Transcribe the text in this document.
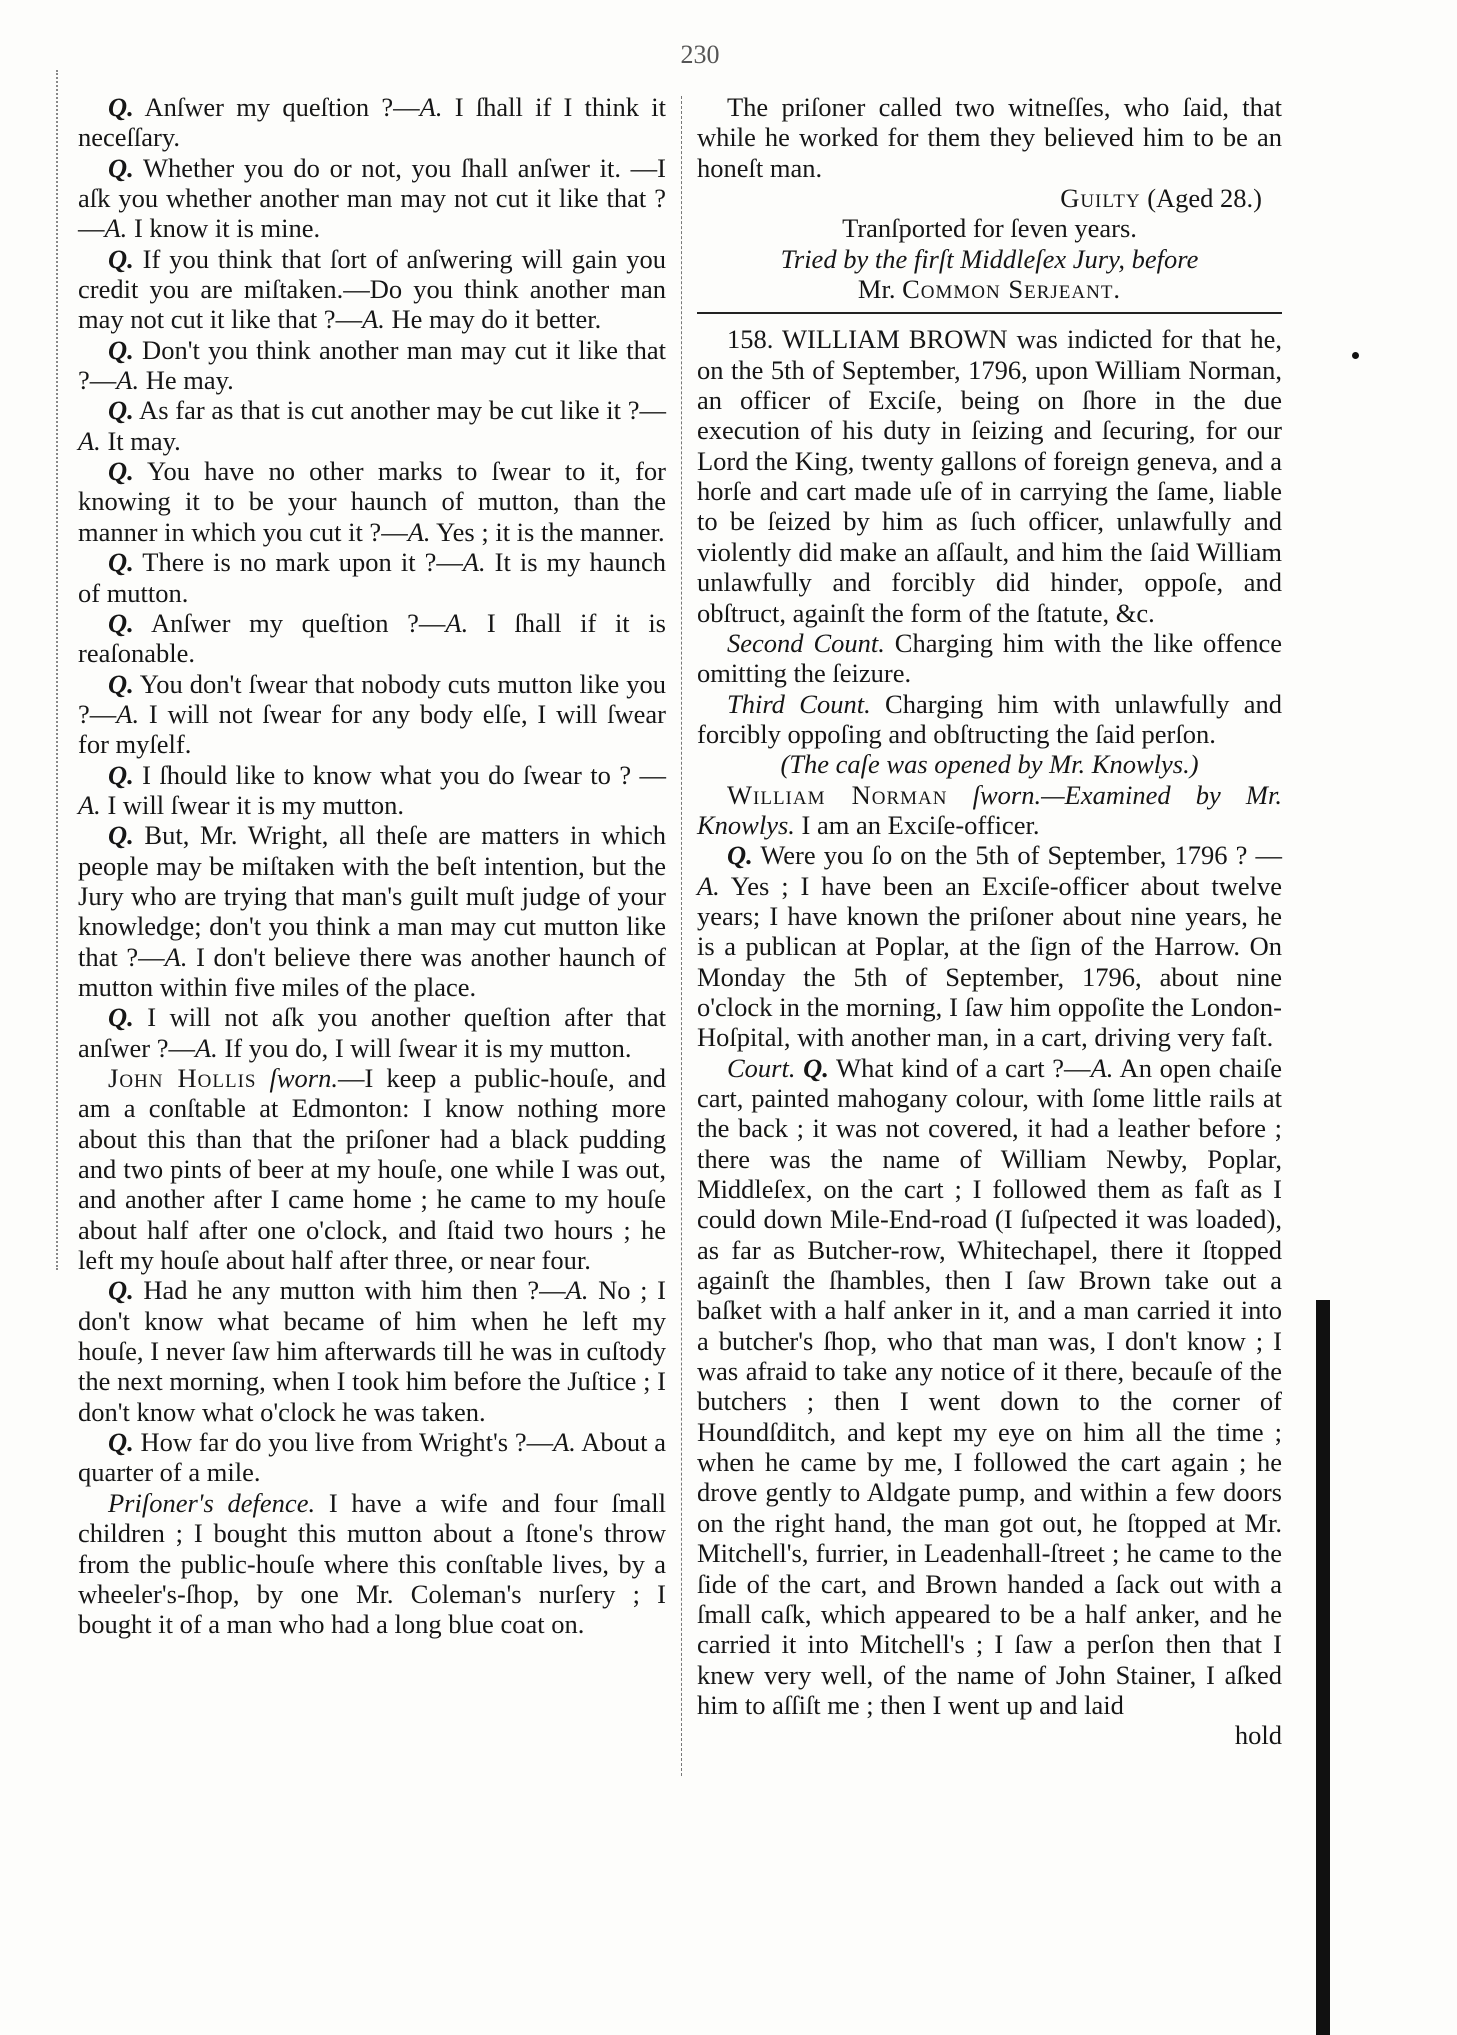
230

Q. Anſwer my queſtion ?—A. I ſhall if I think it neceſſary.

Q. Whether you do or not, you ſhall anſwer it. —I aſk you whether another man may not cut it like that ?—A. I know it is mine.

Q. If you think that ſort of anſwering will gain you credit you are miſtaken.—Do you think another man may not cut it like that ?—A. He may do it better.

Q. Don't you think another man may cut it like that ?—A. He may.

Q. As far as that is cut another may be cut like it ?—A. It may.

Q. You have no other marks to ſwear to it, for knowing it to be your haunch of mutton, than the manner in which you cut it ?—A. Yes ; it is the manner.

Q. There is no mark upon it ?—A. It is my haunch of mutton.

Q. Anſwer my queſtion ?—A. I ſhall if it is reaſonable.

Q. You don't ſwear that nobody cuts mutton like you ?—A. I will not ſwear for any body elſe, I will ſwear for myſelf.

Q. I ſhould like to know what you do ſwear to ? —A. I will ſwear it is my mutton.

Q. But, Mr. Wright, all theſe are matters in which people may be miſtaken with the beſt intention, but the Jury who are trying that man's guilt muſt judge of your knowledge; don't you think a man may cut mutton like that ?—A. I don't believe there was another haunch of mutton within five miles of the place.

Q. I will not aſk you another queſtion after that anſwer ?—A. If you do, I will ſwear it is my mutton.

John Hollis ſworn.—I keep a public-houſe, and am a conſtable at Edmonton: I know nothing more about this than that the priſoner had a black pudding and two pints of beer at my houſe, one while I was out, and another after I came home ; he came to my houſe about half after one o'clock, and ſtaid two hours ; he left my houſe about half after three, or near four.

Q. Had he any mutton with him then ?—A. No ; I don't know what became of him when he left my houſe, I never ſaw him afterwards till he was in cuſtody the next morning, when I took him before the Juſtice ; I don't know what o'clock he was taken.

Q. How far do you live from Wright's ?—A. About a quarter of a mile.

Priſoner's defence. I have a wife and four ſmall children ; I bought this mutton about a ſtone's throw from the public-houſe where this conſtable lives, by a wheeler's-ſhop, by one Mr. Coleman's nurſery ; I bought it of a man who had a long blue coat on.

The priſoner called two witneſſes, who ſaid, that while he worked for them they believed him to be an honeſt man.

Guilty (Aged 28.)

Tranſported for ſeven years.

Tried by the firſt Middleſex Jury, before

Mr. Common Serjeant.

158. WILLIAM BROWN was indicted for that he, on the 5th of September, 1796, upon William Norman, an officer of Exciſe, being on ſhore in the due execution of his duty in ſeizing and ſecuring, for our Lord the King, twenty gallons of foreign geneva, and a horſe and cart made uſe of in carrying the ſame, liable to be ſeized by him as ſuch officer, unlawfully and violently did make an aſſault, and him the ſaid William unlawfully and forcibly did hinder, oppoſe, and obſtruct, againſt the form of the ſtatute, &c.

Second Count. Charging him with the like offence omitting the ſeizure.

Third Count. Charging him with unlawfully and forcibly oppoſing and obſtructing the ſaid perſon.

(The caſe was opened by Mr. Knowlys.)

William Norman ſworn.—Examined by Mr. Knowlys. I am an Exciſe-officer.

Q. Were you ſo on the 5th of September, 1796 ? —A. Yes ; I have been an Exciſe-officer about twelve years; I have known the priſoner about nine years, he is a publican at Poplar, at the ſign of the Harrow. On Monday the 5th of September, 1796, about nine o'clock in the morning, I ſaw him oppoſite the London-Hoſpital, with another man, in a cart, driving very faſt.

Court. Q. What kind of a cart ?—A. An open chaiſe cart, painted mahogany colour, with ſome little rails at the back ; it was not covered, it had a leather before ; there was the name of William Newby, Poplar, Middleſex, on the cart ; I followed them as faſt as I could down Mile-End-road (I ſuſpected it was loaded), as far as Butcher-row, Whitechapel, there it ſtopped againſt the ſhambles, then I ſaw Brown take out a baſket with a half anker in it, and a man carried it into a butcher's ſhop, who that man was, I don't know ; I was afraid to take any notice of it there, becauſe of the butchers ; then I went down to the corner of Houndſditch, and kept my eye on him all the time ; when he came by me, I followed the cart again ; he drove gently to Aldgate pump, and within a few doors on the right hand, the man got out, he ſtopped at Mr. Mitchell's, furrier, in Leadenhall-ſtreet ; he came to the ſide of the cart, and Brown handed a ſack out with a ſmall caſk, which appeared to be a half anker, and he carried it into Mitchell's ; I ſaw a perſon then that I knew very well, of the name of John Stainer, I aſked him to aſſiſt me ; then I went up and laid

hold
